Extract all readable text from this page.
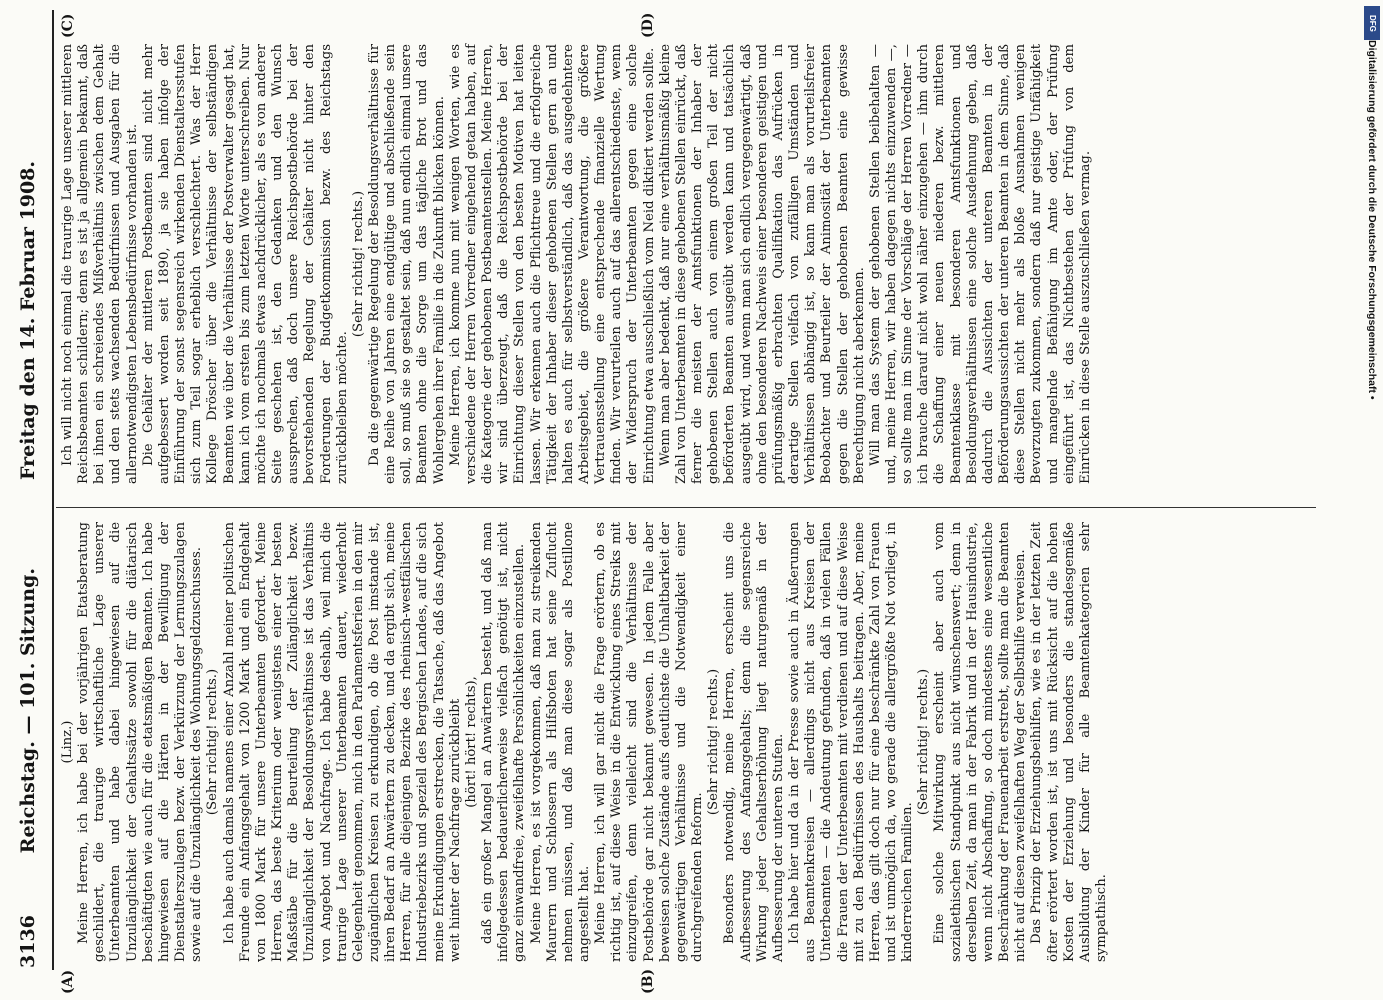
3136
Reichstag. — 101. Sitzung.
Freitag den 14. Februar 1908.
(A)	(B)
(C)	(D)

(Linz.) Meine Herren, ich habe bei der vorjährigen Etatsberatung geschildert, die traurige wirtschaftliche Lage unserer Unterbeamten und habe dabei hingewiesen auf die Unzulänglichkeit der Gehaltssätze sowohl für die diätarisch beschäftigten wie auch für die etatsmäßigen Beamten. Ich habe hingewiesen auf die Härten in der Bewilligung der Dienstalterszulagen bezw. der Verkürzung der Lernungszulagen sowie auf die Unzulänglichkeit des Wohnungsgeldzuschusses. (Sehr richtig! rechts.) Ich habe auch damals namens einer Anzahl meiner politischen Freunde ein Anfangsgehalt von 1200 Mark und ein Endgehalt von 1800 Mark für unsere Unterbeamten gefordert. Meine Herren, das beste Kriterium oder wenigstens einer der besten Maßstäbe für die Beurteilung der Zulänglichkeit bezw. Unzulänglichkeit der Besoldungsverhältnisse ist das Verhältnis von Angebot und Nachfrage. Ich habe deshalb, weil mich die traurige Lage unserer Unterbeamten dauert, wiederholt Gelegenheit genommen, mich in den Parlamentsferien in den mir zugänglichen Kreisen zu erkundigen, ob die Post imstande ist, ihren Bedarf an Anwärtern zu decken, und da ergibt sich, meine Herren, für alle diejenigen Bezirke des rheinisch-westfälischen Industriebezirks und speziell des Bergischen Landes, auf die sich meine Erkundigungen erstrecken, die Tatsache, daß das Angebot weit hinter der Nachfrage zurückbleibt (hört! hört! rechts), daß ein großer Mangel an Anwärtern besteht, und daß man infolgedessen bedauerlicherweise vielfach genötigt ist, nicht ganz einwandfreie, zweifelhafte Persönlichkeiten einzustellen. Meine Herren, es ist vorgekommen, daß man zu streikenden Maurern und Schlossern als Hilfsboten hat seine Zuflucht nehmen müssen, und daß man diese sogar als Postillone angestellt hat. Meine Herren, ich will gar nicht die Frage erörtern, ob es richtig ist, auf diese Weise in die Entwicklung eines Streiks mit einzugreifen, denn vielleicht sind die Verhältnisse der Postbehörde gar nicht bekannt gewesen. In jedem Falle aber beweisen solche Zustände aufs deutlichste die Unhaltbarkeit der gegenwärtigen Verhältnisse und die Notwendigkeit einer durchgreifenden Reform.

(Sehr richtig! rechts.) Besonders notwendig, meine Herren, erscheint uns die Aufbesserung des Anfangsgehalts; denn die segensreiche Wirkung jeder Gehaltserhöhung liegt naturgemäß in der Aufbesserung der unteren Stufen. Ich habe hier und da in der Presse sowie auch in Äußerungen aus Beamtenkreisen — allerdings nicht aus Kreisen der Unterbeamten — die Andeutung gefunden, daß in vielen Fällen die Frauen der Unterbeamten mit verdienen und auf diese Weise mit zu den Bedürfnissen des Haushalts beitragen. Aber, meine Herren, das gilt doch nur für eine beschränkte Zahl von Frauen und ist unmöglich da, wo gerade die allergrößte Not vorliegt, in kinderreichen Familien.

(Sehr richtig! rechts.) Eine solche Mitwirkung erscheint aber auch vom sozialethischen Standpunkt aus nicht wünschenswert; denn in derselben Zeit, da man in der Fabrik und in der Hausindustrie, wenn nicht Abschaffung, so doch mindestens eine wesentliche Beschränkung der Frauenarbeit erstrebt, sollte man die Beamten nicht auf diesen zweifelhaften Weg der Selbsthilfe verweisen. Das Prinzip der Erziehungsbeihilfen, wie es in der letzten Zeit öfter erörtert worden ist, ist uns mit Rücksicht auf die hohen Kosten der Erziehung und besonders die standesgemäße Ausbildung der Kinder für alle Beamtenkategorien sehr sympathisch.

Ich will nicht noch einmal die traurige Lage unserer mittleren Reichsbeamten schildern; denn es ist ja allgemein bekannt, daß bei ihnen ein schreiendes Mißverhältnis zwischen dem Gehalt und den stets wachsenden Bedürfnissen und Ausgaben für die allernotwendigsten Lebensbedürfnisse vorhanden ist. Die Gehälter der mittleren Postbeamten sind nicht mehr aufgebessert worden seit 1890, ja sie haben infolge der Einführung der sonst segensreich wirkenden Dienstaltersstufen sich zum Teil sogar erheblich verschlechtert. Was der Herr Kollege Dröscher über die Verhältnisse der selbständigen Beamten wie über die Verhältnisse der Postverwalter gesagt hat, kann ich vom ersten bis zum letzten Worte unterschreiben. Nur möchte ich nochmals etwas nachdrücklicher, als es von anderer Seite geschehen ist, den Gedanken und den Wunsch aussprechen, daß doch unsere Reichspostbehörde bei der bevorstehenden Regelung der Gehälter nicht hinter den Forderungen der Budgetkommission bezw. des Reichstags zurückbleiben möchte.

(Sehr richtig! rechts.) Da die gegenwärtige Regelung der Besoldungsverhältnisse für eine Reihe von Jahren eine endgültige und abschließende sein soll, so muß sie so gestaltet sein, daß nun endlich einmal unsere Beamten ohne die Sorge um das tägliche Brot und das Wohlergehen ihrer Familie in die Zukunft blicken können. Meine Herren, ich komme nun mit wenigen Worten, wie es verschiedene der Herren Vorredner eingehend getan haben, auf die Kategorie der gehobenen Postbeamtenstellen. Meine Herren, wir sind überzeugt, daß die Reichspostbehörde bei der Einrichtung dieser Stellen von den besten Motiven hat leiten lassen. Wir erkennen auch die Pflichttreue und die erfolgreiche Tätigkeit der Inhaber dieser gehobenen Stellen gern an und halten es auch für selbstverständlich, daß das ausgedehntere Arbeitsgebiet, die größere Verantwortung, die größere Vertrauensstellung eine entsprechende finanzielle Wertung finden. Wir verurteilen auch auf das allerentschiedenste, wenn der Widerspruch der Unterbeamten gegen eine solche Einrichtung etwa ausschließlich vom Neid diktiert werden sollte. Wenn man aber bedenkt, daß nur eine verhältnismäßig kleine Zahl von Unterbeamten in diese gehobenen Stellen einrückt, daß ferner die meisten der Amtsfunktionen der Inhaber der gehobenen Stellen auch von einem großen Teil der nicht beförderten Beamten ausgeübt werden kann und tatsächlich ausgeübt wird, und wenn man sich endlich vergegenwärtigt, daß ohne den besonderen Nachweis einer besonderen geistigen und prüfungsmäßig erbrachten Qualifikation das Aufrücken in derartige Stellen vielfach von zufälligen Umständen und Verhältnissen abhängig ist, so kann man als vorurteilsfreier Beobachter und Beurteiler der Animosität der Unterbeamten gegen die Stellen der gehobenen Beamten eine gewisse Berechtigung nicht aberkennen. Will man das System der gehobenen Stellen beibehalten — und, meine Herren, wir haben dagegen nichts einzuwenden —, so sollte man im Sinne der Vorschläge der Herren Vorredner — ich brauche darauf nicht wohl näher einzugehen — ihm durch die Schaffung einer neuen niederen bezw. mittleren Beamtenklasse mit besonderen Amtsfunktionen und Besoldungsverhältnissen eine solche Ausdehnung geben, daß dadurch die Aussichten der unteren Beamten in der Beförderungsaussichten der unteren Beamten in dem Sinne, daß diese Stellen nicht mehr als bloße Ausnahmen wenigen Bevorzugten zukommen, sondern daß nur geistige Unfähigkeit und mangelnde Befähigung im Amte oder, der Prüfung eingeführt ist, das Nichtbestehen der Prüfung von dem Einrücken in diese Stelle auszuschließen vermag.	Digitalisierung gefördert durch die Deutsche Forschungsgemeinschaft •
DFG
